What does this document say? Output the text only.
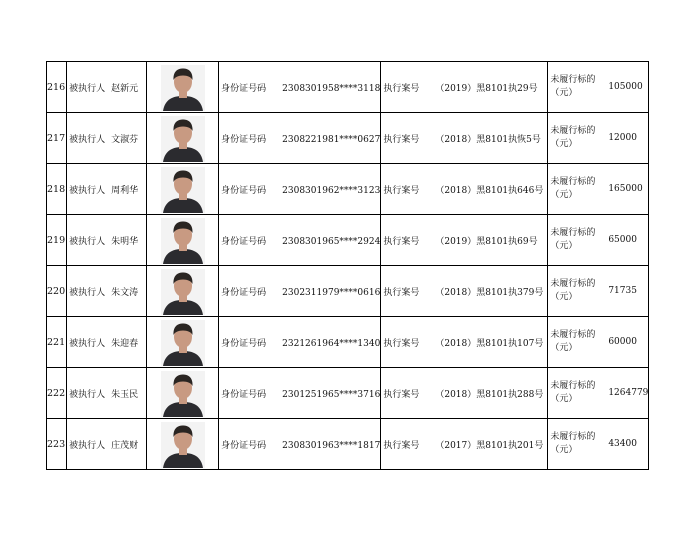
216	被执行人 赵新元		身份证号码 2308301958****3118	执行案号 （2019）黑8101执29号	未履行标的（元）
105000

217	被执行人 文淑芬		身份证号码 2308221981****0627	执行案号 （2018）黑8101执恢5号	未履行标的（元）
12000

218	被执行人 周利华		身份证号码 2308301962****3123	执行案号 （2018）黑8101执646号	未履行标的（元）
165000

219	被执行人 朱明华		身份证号码 2308301965****2924	执行案号 （2019）黑8101执69号	未履行标的（元）
65000

220	被执行人 朱文涛		身份证号码 2302311979****0616	执行案号 （2018）黑8101执379号	未履行标的（元）
71735

221	被执行人 朱迎春		身份证号码 2321261964****1340	执行案号 （2018）黑8101执107号	未履行标的（元）
60000

222	被执行人 朱玉民		身份证号码 2301251965****3716	执行案号 （2018）黑8101执288号	未履行标的（元）
1264779

223	被执行人 庄茂财		身份证号码 2308301963****1817	执行案号 （2017）黑8101执201号	未履行标的（元）
43400
